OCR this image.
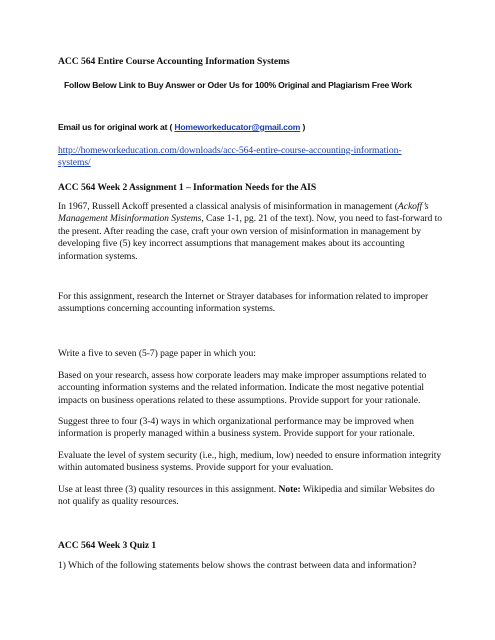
ACC 564 Entire Course Accounting Information Systems

Follow Below Link to Buy Answer or Oder Us for 100% Original and Plagiarism Free Work

Email us for original work at ( Homeworkeducator@gmail.com )

http://homeworkeducation.com/downloads/acc-564-entire-course-accounting-information-systems/

ACC 564 Week 2 Assignment 1 – Information Needs for the AIS

In 1967, Russell Ackoff presented a classical analysis of misinformation in management (Ackoff’s Management Misinformation Systems, Case 1-1, pg. 21 of the text). Now, you need to fast-forward to the present. After reading the case, craft your own version of misinformation in management by developing five (5) key incorrect assumptions that management makes about its accounting information systems.

For this assignment, research the Internet or Strayer databases for information related to improper assumptions concerning accounting information systems.

Write a five to seven (5-7) page paper in which you:

Based on your research, assess how corporate leaders may make improper assumptions related to accounting information systems and the related information. Indicate the most negative potential impacts on business operations related to these assumptions. Provide support for your rationale.

Suggest three to four (3-4) ways in which organizational performance may be improved when information is properly managed within a business system. Provide support for your rationale.

Evaluate the level of system security (i.e., high, medium, low) needed to ensure information integrity within automated business systems. Provide support for your evaluation.

Use at least three (3) quality resources in this assignment. Note: Wikipedia and similar Websites do not qualify as quality resources.

ACC 564 Week 3 Quiz 1

1) Which of the following statements below shows the contrast between data and information?
